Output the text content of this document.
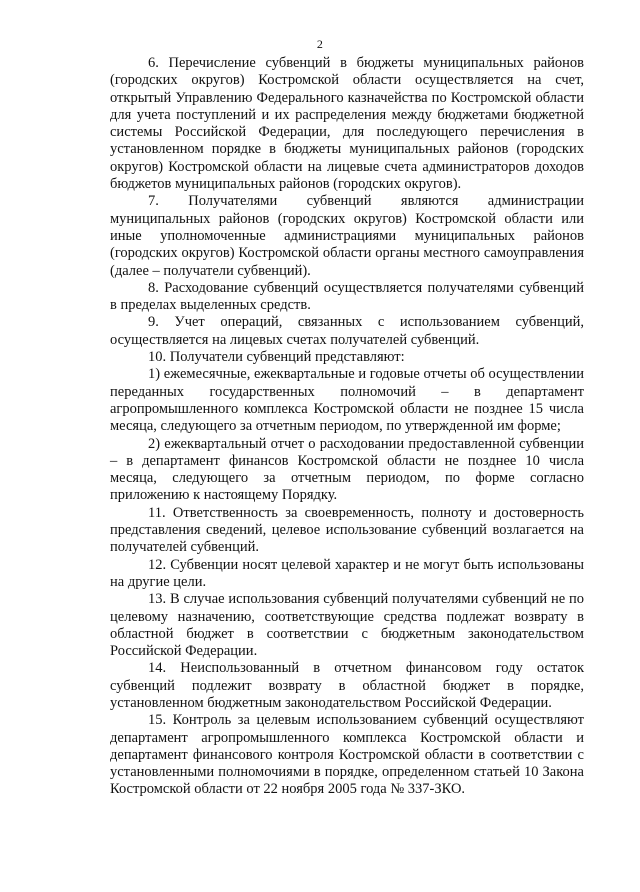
2

6. Перечисление субвенций в бюджеты муниципальных районов (городских округов) Костромской области осуществляется на счет, открытый Управлению Федерального казначейства по Костромской области для учета поступлений и их распределения между бюджетами бюджетной системы Российской Федерации, для последующего перечисления в установленном порядке в бюджеты муниципальных районов (городских округов) Костромской области на лицевые счета администраторов доходов бюджетов муниципальных районов (городских округов).

7. Получателями субвенций являются администрации муниципальных районов (городских округов) Костромской области или иные уполномоченные администрациями муниципальных районов (городских округов) Костромской области органы местного самоуправления (далее – получатели субвенций).

8. Расходование субвенций осуществляется получателями субвенций в пределах выделенных средств.

9. Учет операций, связанных с использованием субвенций, осуществляется на лицевых счетах получателей субвенций.

10. Получатели субвенций представляют:

1) ежемесячные, ежеквартальные и годовые отчеты об осуществлении переданных государственных полномочий – в департамент агропромышленного комплекса Костромской области не позднее 15 числа месяца, следующего за отчетным периодом, по утвержденной им форме;

2) ежеквартальный отчет о расходовании предоставленной субвенции – в департамент финансов Костромской области не позднее 10 числа месяца, следующего за отчетным периодом, по форме согласно приложению к настоящему Порядку.

11. Ответственность за своевременность, полноту и достоверность представления сведений, целевое использование субвенций возлагается на получателей субвенций.

12. Субвенции носят целевой характер и не могут быть использованы на другие цели.

13. В случае использования субвенций получателями субвенций не по целевому назначению, соответствующие средства подлежат возврату в областной бюджет в соответствии с бюджетным законодательством Российской Федерации.

14. Неиспользованный в отчетном финансовом году остаток субвенций подлежит возврату в областной бюджет в порядке, установленном бюджетным законодательством Российской Федерации.

15. Контроль за целевым использованием субвенций осуществляют департамент агропромышленного комплекса Костромской области и департамент финансового контроля Костромской области в соответствии с установленными полномочиями в порядке, определенном статьей 10 Закона Костромской области от 22 ноября 2005 года № 337-ЗКО.
